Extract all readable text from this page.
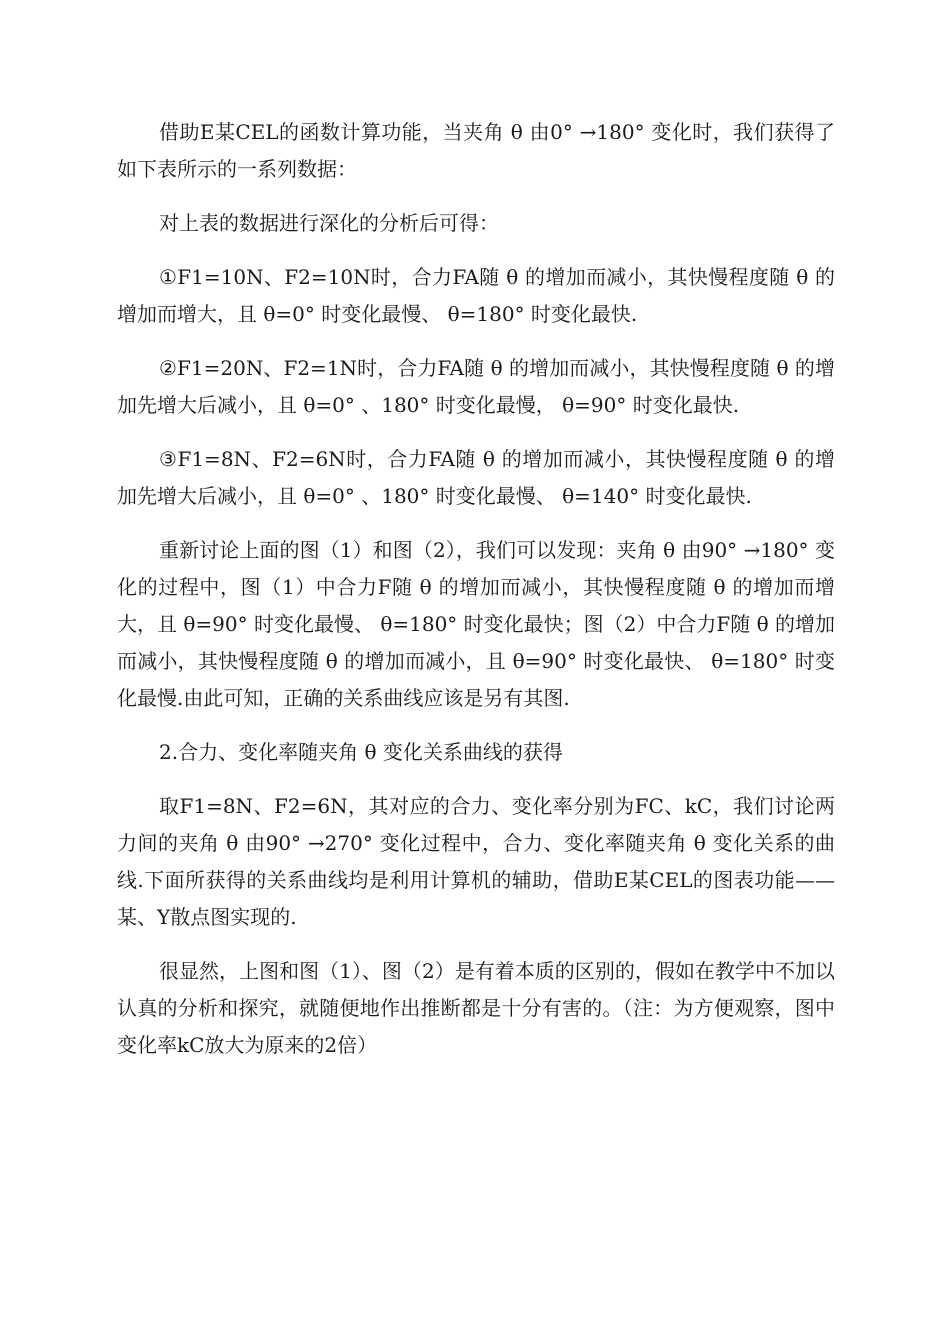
借助E某CEL的函数计算功能，当夹角 θ 由0° →180° 变化时，我们获得了如下表所示的一系列数据：

对上表的数据进行深化的分析后可得：

①F1=10N、F2=10N时，合力FA随 θ 的增加而减小，其快慢程度随 θ 的增加而增大，且 θ=0° 时变化最慢、 θ=180° 时变化最快.

②F1=20N、F2=1N时，合力FA随 θ 的增加而减小，其快慢程度随 θ 的增加先增大后减小，且 θ=0° 、180° 时变化最慢， θ=90° 时变化最快.

③F1=8N、F2=6N时，合力FA随 θ 的增加而减小，其快慢程度随 θ 的增加先增大后减小，且 θ=0° 、180° 时变化最慢、 θ=140° 时变化最快.

重新讨论上面的图（1）和图（2），我们可以发现：夹角 θ 由90° →180° 变化的过程中，图（1）中合力F随 θ 的增加而减小，其快慢程度随 θ 的增加而增大，且 θ=90° 时变化最慢、 θ=180° 时变化最快；图（2）中合力F随 θ 的增加而减小，其快慢程度随 θ 的增加而减小，且 θ=90° 时变化最快、 θ=180° 时变化最慢.由此可知，正确的关系曲线应该是另有其图.

2.合力、变化率随夹角 θ 变化关系曲线的获得

取F1=8N、F2=6N，其对应的合力、变化率分别为FC、kC，我们讨论两力间的夹角 θ 由90° →270° 变化过程中，合力、变化率随夹角 θ 变化关系的曲线.下面所获得的关系曲线均是利用计算机的辅助，借助E某CEL的图表功能——某、Y散点图实现的.

很显然，上图和图（1）、图（2）是有着本质的区别的，假如在教学中不加以认真的分析和探究，就随便地作出推断都是十分有害的。（注：为方便观察，图中变化率kC放大为原来的2倍）
